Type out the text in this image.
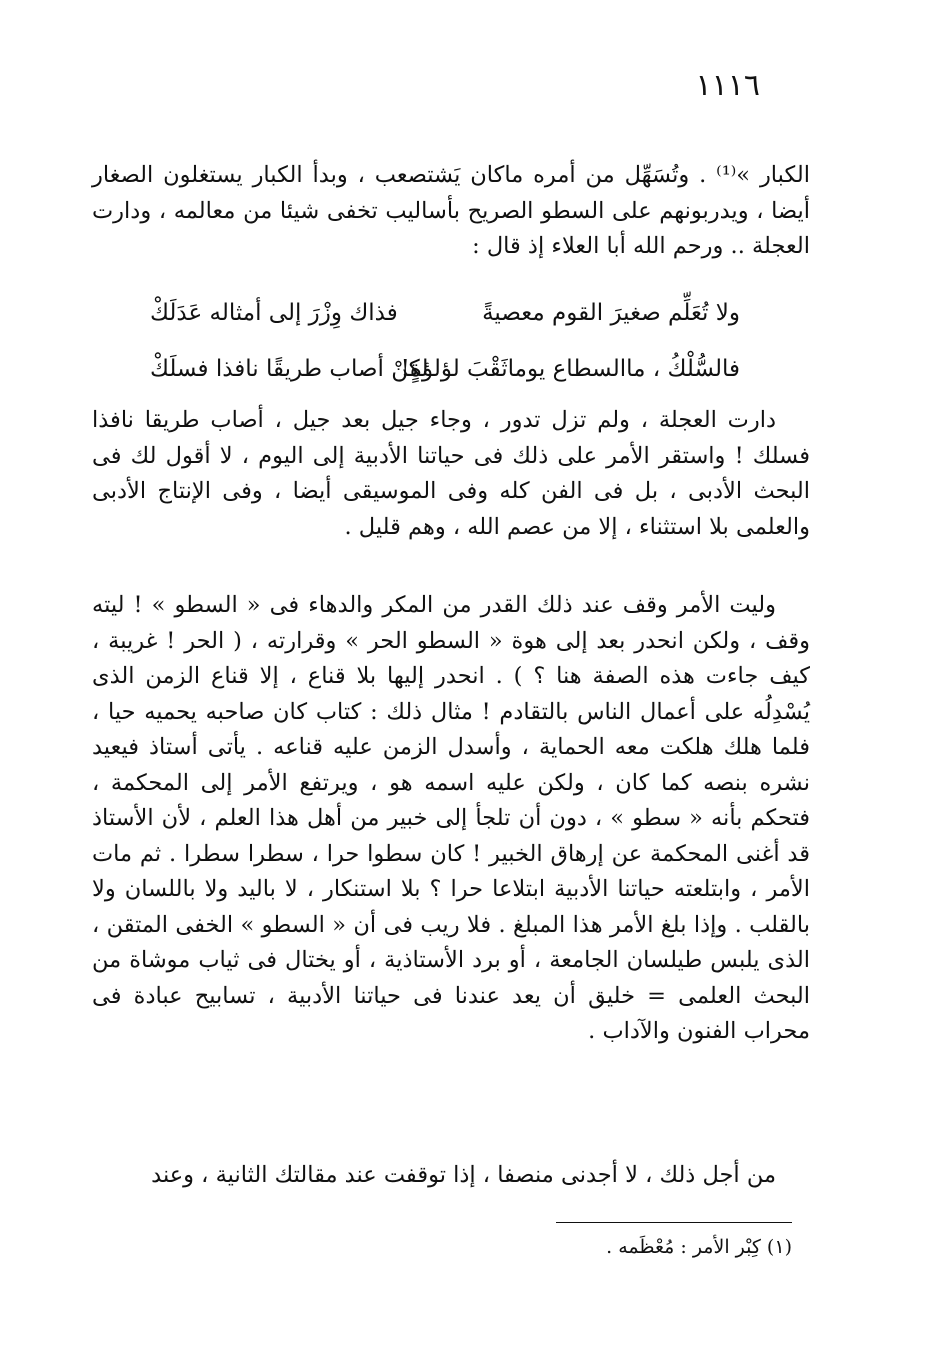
١١١٦

الكبار »⁽¹⁾ . وتُسَهِّل من أمره ماكان يَشتصعب ، وبدأ الكبار يستغلون الصغار أيضا ، ويدربونهم على السطو الصريح بأساليب تخفى شيئا من معالمه ، ودارت العجلة .. ورحم الله أبا العلاء إذ قال :

ولا تُعَلِّم صغيرَ القوم معصيةً
فذاك وِزْرَ إلى أمثاله عَدَلَكْ
فالسُّلْكُ ، ماالسطاع يوماثَقْبَ لؤلؤةٍ!
لكنْ أصاب طريقًا نافذا فسلَكْ

دارت العجلة ، ولم تزل تدور ، وجاء جيل بعد جيل ، أصاب طريقا نافذا فسلك ! واستقر الأمر على ذلك فى حياتنا الأدبية إلى اليوم ، لا أقول لك فى البحث الأدبى ، بل فى الفن كله وفى الموسيقى أيضا ، وفى الإنتاج الأدبى والعلمى بلا استثناء ، إلا من عصم الله ، وهم قليل .

وليت الأمر وقف عند ذلك القدر من المكر والدهاء فى « السطو » ! ليته وقف ، ولكن انحدر بعد إلى هوة « السطو الحر » وقرارته ، ( الحر ! غريبة ، كيف جاءت هذه الصفة هنا ؟ ) . انحدر إليها بلا قناع ، إلا قناع الزمن الذى يُسْدِلُه على أعمال الناس بالتقادم ! مثال ذلك : كتاب كان صاحبه يحميه حيا ، فلما هلك هلكت معه الحماية ، وأسدل الزمن عليه قناعه . يأتى أستاذ فيعيد نشره بنصه كما كان ، ولكن عليه اسمه هو ، ويرتفع الأمر إلى المحكمة ، فتحكم بأنه « سطو » ، دون أن تلجأ إلى خبير من أهل هذا العلم ، لأن الأستاذ قد أغنى المحكمة عن إرهاق الخبير ! كان سطوا حرا ، سطرا سطرا . ثم مات الأمر ، وابتلعته حياتنا الأدبية ابتلاعا حرا ؟ بلا استنكار ، لا باليد ولا باللسان ولا بالقلب . وإذا بلغ الأمر هذا المبلغ . فلا ريب فى أن « السطو » الخفى المتقن ، الذى يلبس طيلسان الجامعة ، أو برد الأستاذية ، أو يختال فى ثياب موشاة من البحث العلمى = خليق أن يعد عندنا فى حياتنا الأدبية ، تسابيح عبادة فى محراب الفنون والآداب .

من أجل ذلك ، لا أجدنى منصفا ، إذا توقفت عند مقالتك الثانية ، وعند

(١) كِبْر الأمر : مُعْظَمه .
